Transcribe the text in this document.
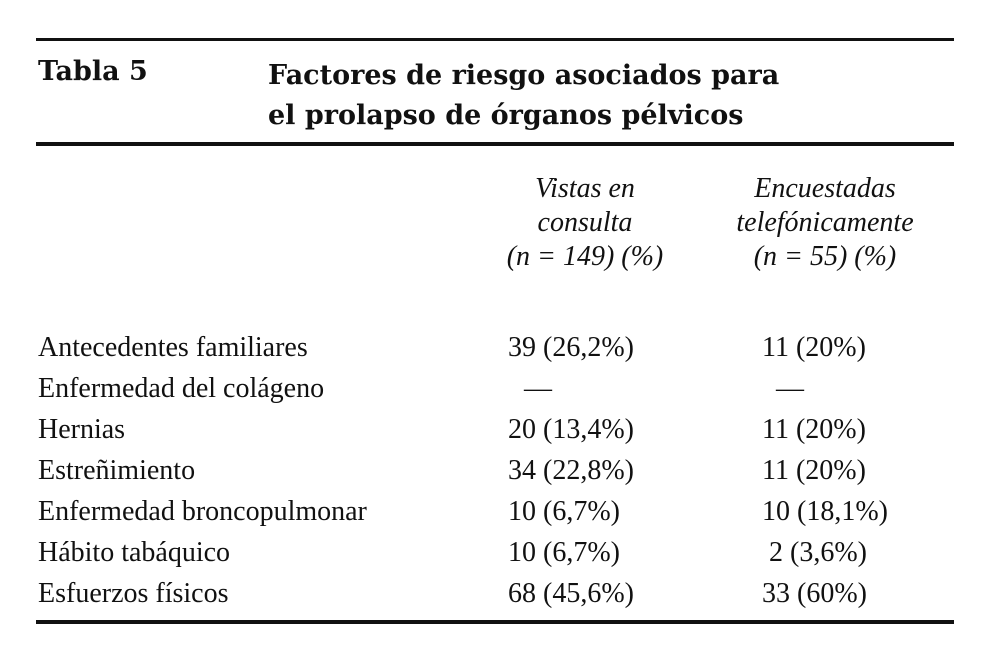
Tabla 5	Factores de riesgo asociados para
el prolapso de órganos pélvicos
Vistas en
consulta
(n = 149) (%)
Encuestadas
telefónicamente
(n = 55) (%)
Antecedentes familiares	39 (26,2%)	11 (20%)
Enfermedad del colágeno	—	—
Hernias	20 (13,4%)	11 (20%)
Estreñimiento	34 (22,8%)	11 (20%)
Enfermedad broncopulmonar	10 (6,7%)	10 (18,1%)
Hábito tabáquico	10 (6,7%)	2 (3,6%)
Esfuerzos físicos	68 (45,6%)	33 (60%)
